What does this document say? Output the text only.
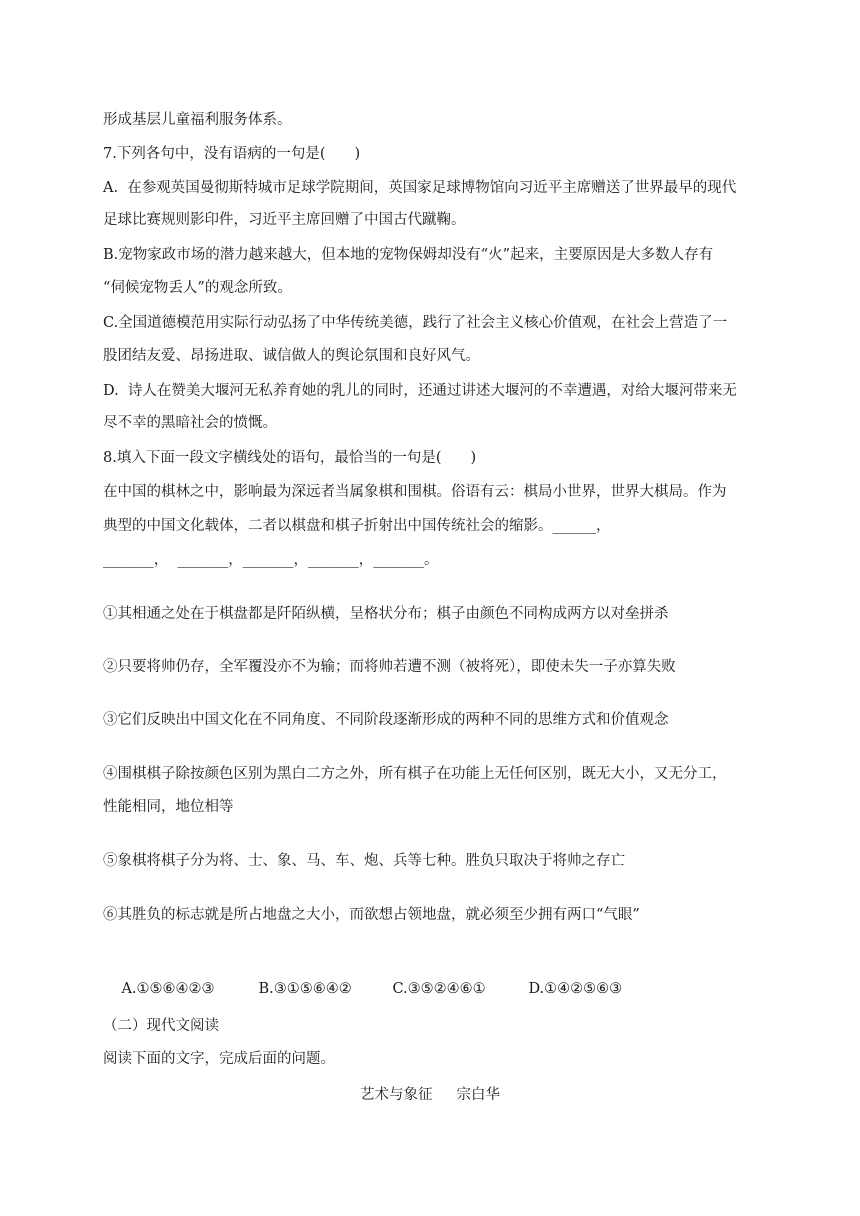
形成基层儿童福利服务体系。
7.下列各句中，没有语病的一句是(　　)
A.  在参观英国曼彻斯特城市足球学院期间，英国家足球博物馆向习近平主席赠送了世界最早的现代
足球比赛规则影印件，习近平主席回赠了中国古代蹴鞠。
B.宠物家政市场的潜力越来越大，但本地的宠物保姆却没有“火”起来，主要原因是大多数人存有
“伺候宠物丢人”的观念所致。
C.全国道德模范用实际行动弘扬了中华传统美德，践行了社会主义核心价值观，在社会上营造了一
股团结友爱、昂扬进取、诚信做人的舆论氛围和良好风气。
D.  诗人在赞美大堰河无私养育她的乳儿的同时，还通过讲述大堰河的不幸遭遇，对给大堰河带来无
尽不幸的黑暗社会的愤慨。
8.填入下面一段文字横线处的语句，最恰当的一句是(　　)
在中国的棋林之中，影响最为深远者当属象棋和围棋。俗语有云：棋局小世界，世界大棋局。作为
典型的中国文化载体，二者以棋盘和棋子折射出中国传统社会的缩影。______，
_______，  _______，_______，_______，_______。
①其相通之处在于棋盘都是阡陌纵横，呈格状分布；棋子由颜色不同构成两方以对垒拼杀
②只要将帅仍存，全军覆没亦不为输；而将帅若遭不测（被将死），即使未失一子亦算失败
③它们反映出中国文化在不同角度、不同阶段逐渐形成的两种不同的思维方式和价值观念
④围棋棋子除按颜色区别为黑白二方之外，所有棋子在功能上无任何区别，既无大小，又无分工，
性能相同，地位相等
⑤象棋将棋子分为将、士、象、马、车、炮、兵等七种。胜负只取决于将帅之存亡
⑥其胜负的标志就是所占地盘之大小，而欲想占领地盘，就必须至少拥有两口“气眼”

A.①⑤⑥④②③	B.③①⑤⑥④②	C.③⑤②④⑥①	D.①④②⑤⑥③

（二）现代文阅读
阅读下面的文字，完成后面的问题。
艺术与象征 宗白华
